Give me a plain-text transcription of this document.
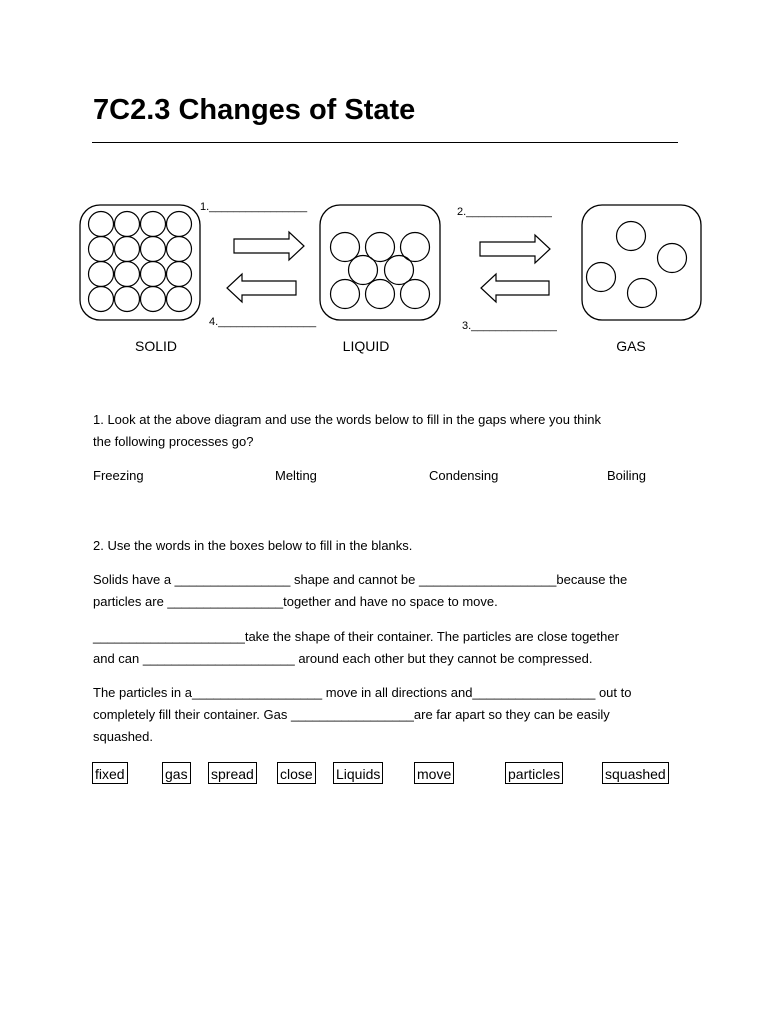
7C2.3 Changes of State
1.________________	2.______________
3.______________
4.________________
SOLID	LIQUID	GAS

1. Look at the above diagram and use the words below to fill in the gaps where you think
the following processes go?

Freezing	Melting	Condensing	Boiling

2. Use the words in the boxes below to fill in the blanks.

Solids have a ________________ shape and cannot be ___________________because the
particles are ________________together and have no space to move.

_____________________take the shape of their container. The particles are close together
and can _____________________ around each other but they cannot be compressed.

The particles in a__________________ move in all directions and_________________ out to
completely fill their container. Gas _________________are far apart so they can be easily
squashed.

fixed	gas spread close Liquids	move	particles	squashed
